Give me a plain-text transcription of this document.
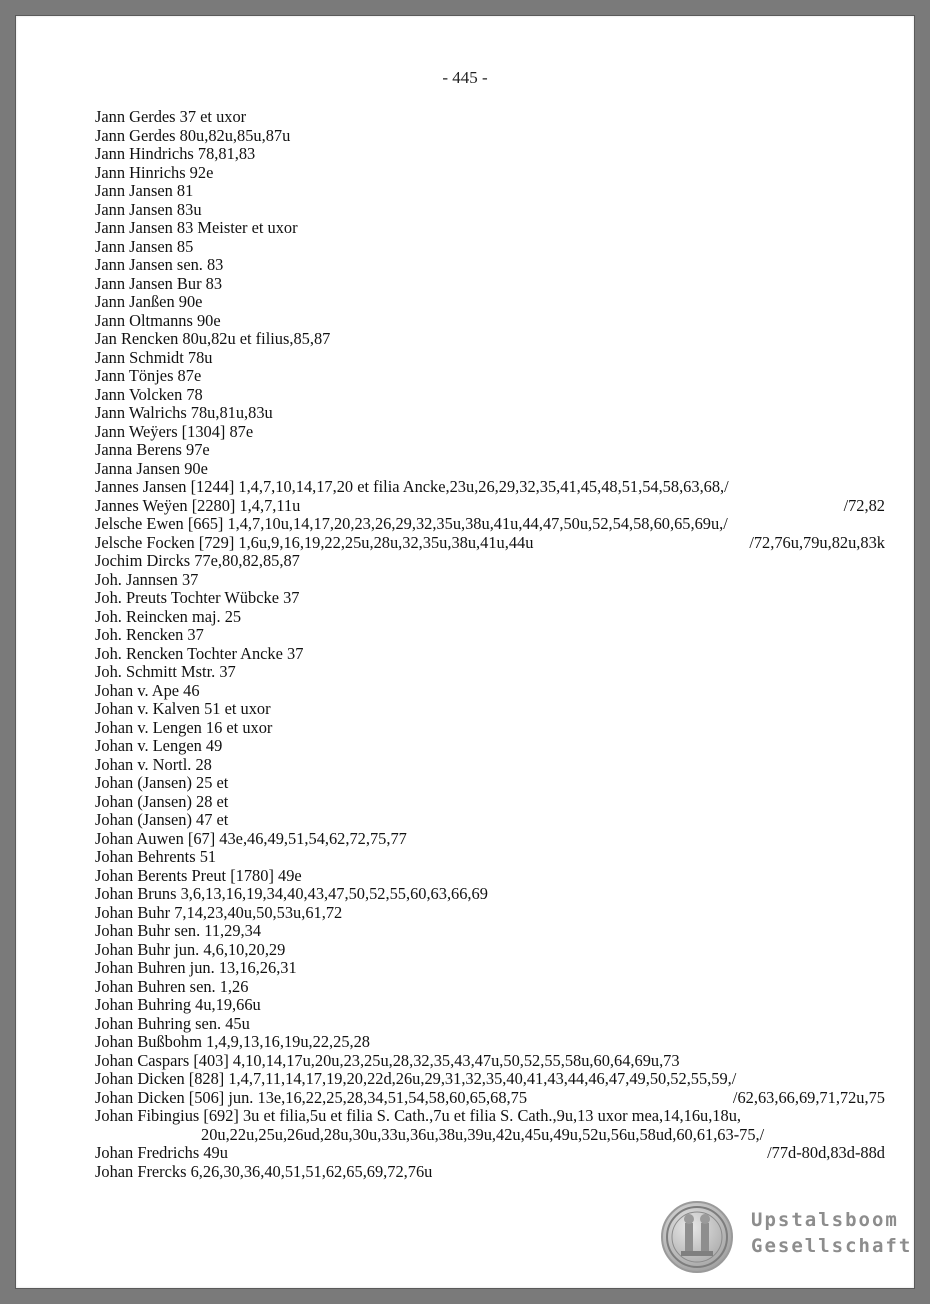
- 445 -
Jann Gerdes 37 et uxor
Jann Gerdes 80u,82u,85u,87u
Jann Hindrichs 78,81,83
Jann Hinrichs 92e
Jann Jansen 81
Jann Jansen 83u
Jann Jansen 83 Meister et uxor
Jann Jansen 85
Jann Jansen sen. 83
Jann Jansen Bur 83
Jann Janßen 90e
Jann Oltmanns 90e
Jan Rencken 80u,82u et filius,85,87
Jann Schmidt 78u
Jann Tönjes 87e
Jann Volcken 78
Jann Walrichs 78u,81u,83u
Jann Weÿers [1304] 87e
Janna Berens 97e
Janna Jansen 90e
Jannes Jansen [1244] 1,4,7,10,14,17,20 et filia Ancke,23u,26,29,32,35,41,45,48,51,54,58,63,68,/
Jannes Weÿen [2280] 1,4,7,11u	/72,82
Jelsche Ewen [665] 1,4,7,10u,14,17,20,23,26,29,32,35u,38u,41u,44,47,50u,52,54,58,60,65,69u,/
Jelsche Focken [729] 1,6u,9,16,19,22,25u,28u,32,35u,38u,41u,44u	/72,76u,79u,82u,83k
Jochim Dircks 77e,80,82,85,87
Joh. Jannsen 37
Joh. Preuts Tochter Wübcke 37
Joh. Reincken maj. 25
Joh. Rencken 37
Joh. Rencken Tochter Ancke 37
Joh. Schmitt Mstr. 37
Johan v. Ape 46
Johan v. Kalven 51 et uxor
Johan v. Lengen 16 et uxor
Johan v. Lengen 49
Johan v. Nortl. 28
Johan (Jansen) 25 et
Johan (Jansen) 28 et
Johan (Jansen) 47 et
Johan Auwen [67] 43e,46,49,51,54,62,72,75,77
Johan Behrents 51
Johan Berents Preut [1780] 49e
Johan Bruns 3,6,13,16,19,34,40,43,47,50,52,55,60,63,66,69
Johan Buhr 7,14,23,40u,50,53u,61,72
Johan Buhr sen. 11,29,34
Johan Buhr jun. 4,6,10,20,29
Johan Buhren jun. 13,16,26,31
Johan Buhren sen. 1,26
Johan Buhring 4u,19,66u
Johan Buhring sen. 45u
Johan Bußbohm 1,4,9,13,16,19u,22,25,28
Johan Caspars [403] 4,10,14,17u,20u,23,25u,28,32,35,43,47u,50,52,55,58u,60,64,69u,73
Johan Dicken [828] 1,4,7,11,14,17,19,20,22d,26u,29,31,32,35,40,41,43,44,46,47,49,50,52,55,59,/
Johan Dicken [506] jun. 13e,16,22,25,28,34,51,54,58,60,65,68,75	/62,63,66,69,71,72u,75
Johan Fibingius [692] 3u et filia,5u et filia S. Cath.,7u et filia S. Cath.,9u,13 uxor mea,14,16u,18u,
20u,22u,25u,26ud,28u,30u,33u,36u,38u,39u,42u,45u,49u,52u,56u,58ud,60,61,63-75,/
Johan Fredrichs 49u	/77d-80d,83d-88d
Johan Frercks 6,26,30,36,40,51,51,62,65,69,72,76u
Upstalsboom
Gesellschaft
